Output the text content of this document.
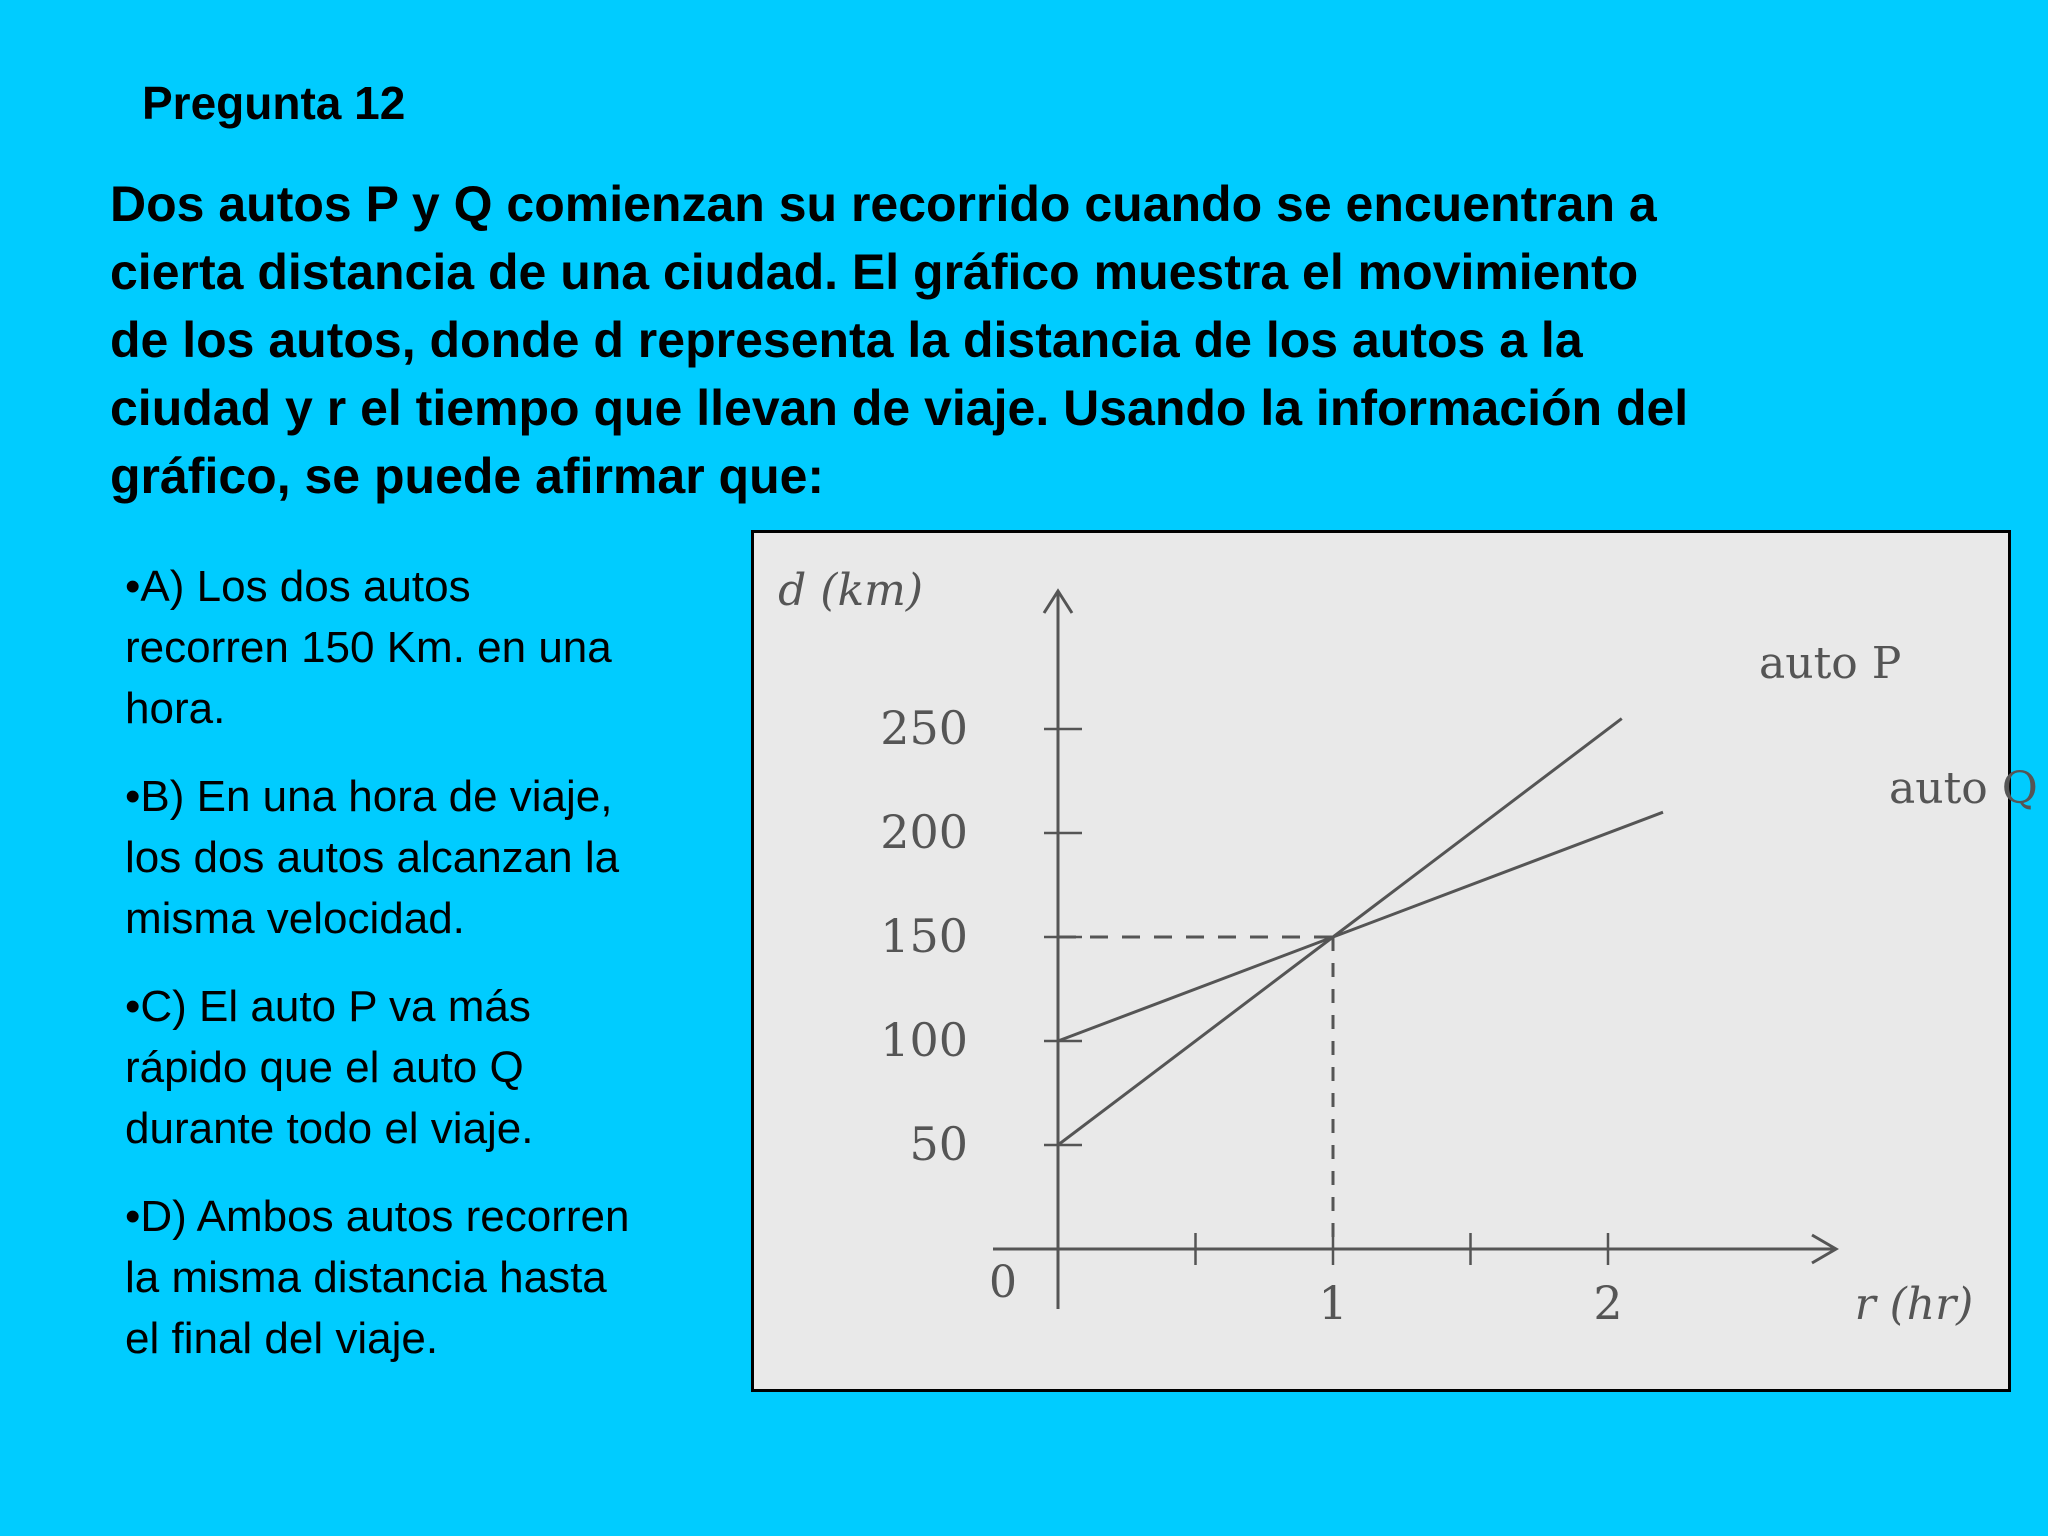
Pregunta 12
Dos autos P y Q comienzan su recorrido cuando se encuentran a
cierta distancia de una ciudad. El gráfico muestra el movimiento
de los autos, donde d representa la distancia de los autos a la
ciudad y r el tiempo que llevan de viaje. Usando la información del
gráfico, se puede afirmar que:
•A) Los dos autos
recorren 150 Km. en una
hora.
•B) En una hora de viaje,
los dos autos alcanzan la
misma velocidad.
•C) El auto P va más
rápido que el auto Q
durante todo el viaje.
•D) Ambos autos recorren
la misma distancia hasta
el final del viaje.
50
100
150
200
250
1	2
0
d (km)
r (hr)
auto P
auto Q
